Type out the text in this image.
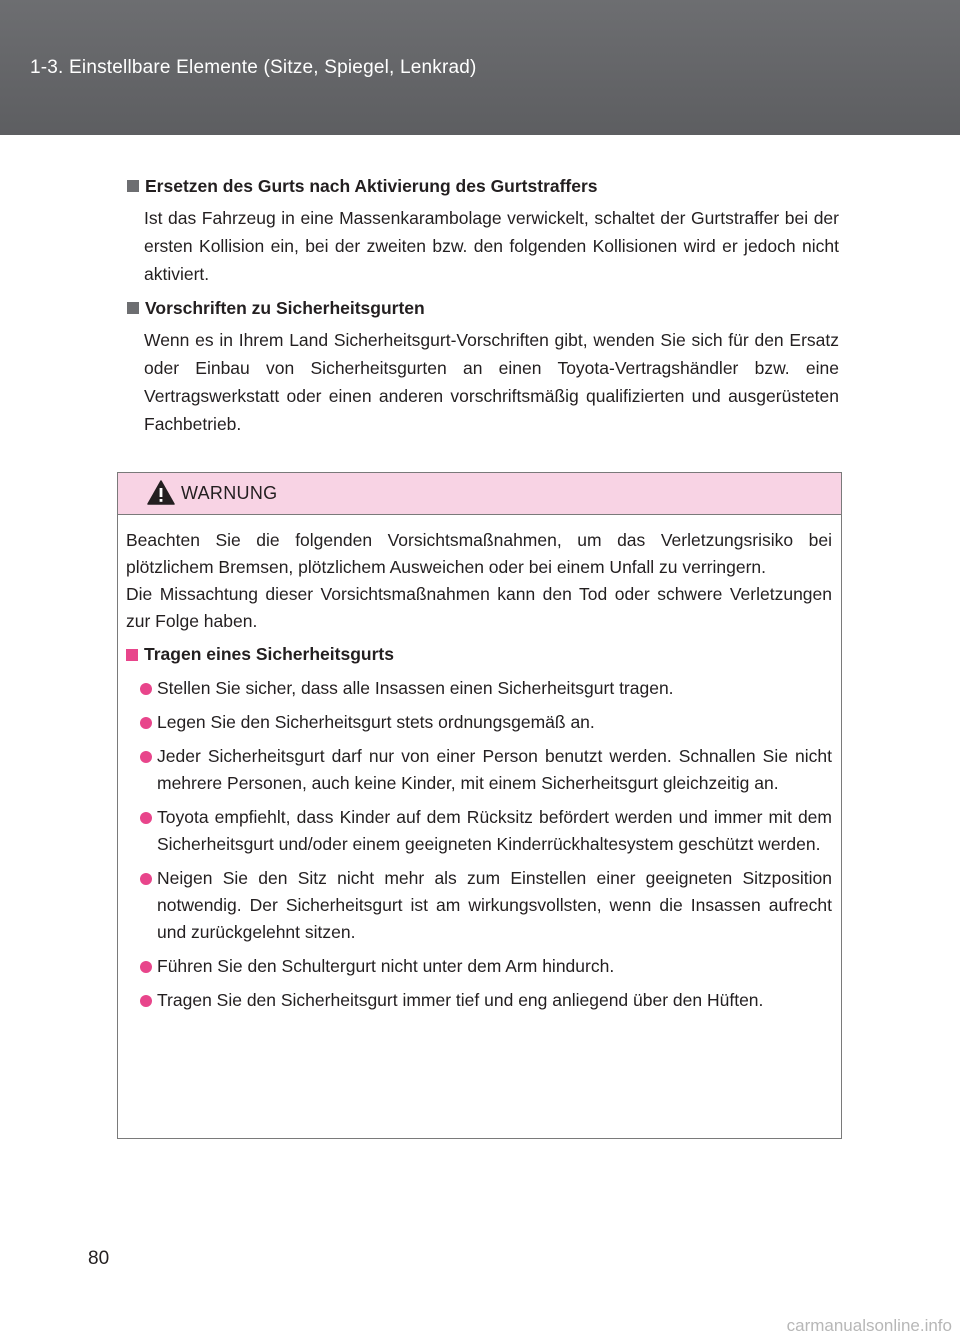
1-3. Einstellbare Elemente (Sitze, Spiegel, Lenkrad)
Ersetzen des Gurts nach Aktivierung des Gurtstraffers
Ist das Fahrzeug in eine Massenkarambolage verwickelt, schaltet der Gurtstraffer bei der ersten Kollision ein, bei der zweiten bzw. den folgenden Kollisionen wird er jedoch nicht aktiviert.
Vorschriften zu Sicherheitsgurten
Wenn es in Ihrem Land Sicherheitsgurt-Vorschriften gibt, wenden Sie sich für den Ersatz oder Einbau von Sicherheitsgurten an einen Toyota-Vertragshändler bzw. eine Vertragswerkstatt oder einen anderen vorschriftsmäßig qualifizierten und ausgerüsteten Fachbetrieb.
WARNUNG

Beachten Sie die folgenden Vorsichtsmaßnahmen, um das Verletzungsrisiko bei plötzlichem Bremsen, plötzlichem Ausweichen oder bei einem Unfall zu verringern.

Die Missachtung dieser Vorsichtsmaßnahmen kann den Tod oder schwere Verletzungen zur Folge haben.

Tragen eines Sicherheitsgurts
Stellen Sie sicher, dass alle Insassen einen Sicherheitsgurt tragen.
Legen Sie den Sicherheitsgurt stets ordnungsgemäß an.
Jeder Sicherheitsgurt darf nur von einer Person benutzt werden. Schnallen Sie nicht mehrere Personen, auch keine Kinder, mit einem Sicherheitsgurt gleichzeitig an.
Toyota empfiehlt, dass Kinder auf dem Rücksitz befördert werden und immer mit dem Sicherheitsgurt und/oder einem geeigneten Kinderrückhaltesystem geschützt werden.
Neigen Sie den Sitz nicht mehr als zum Einstellen einer geeigneten Sitzposition notwendig. Der Sicherheitsgurt ist am wirkungsvollsten, wenn die Insassen aufrecht und zurückgelehnt sitzen.
Führen Sie den Schultergurt nicht unter dem Arm hindurch.
Tragen Sie den Sicherheitsgurt immer tief und eng anliegend über den Hüften.
80
carmanualsonline.info
